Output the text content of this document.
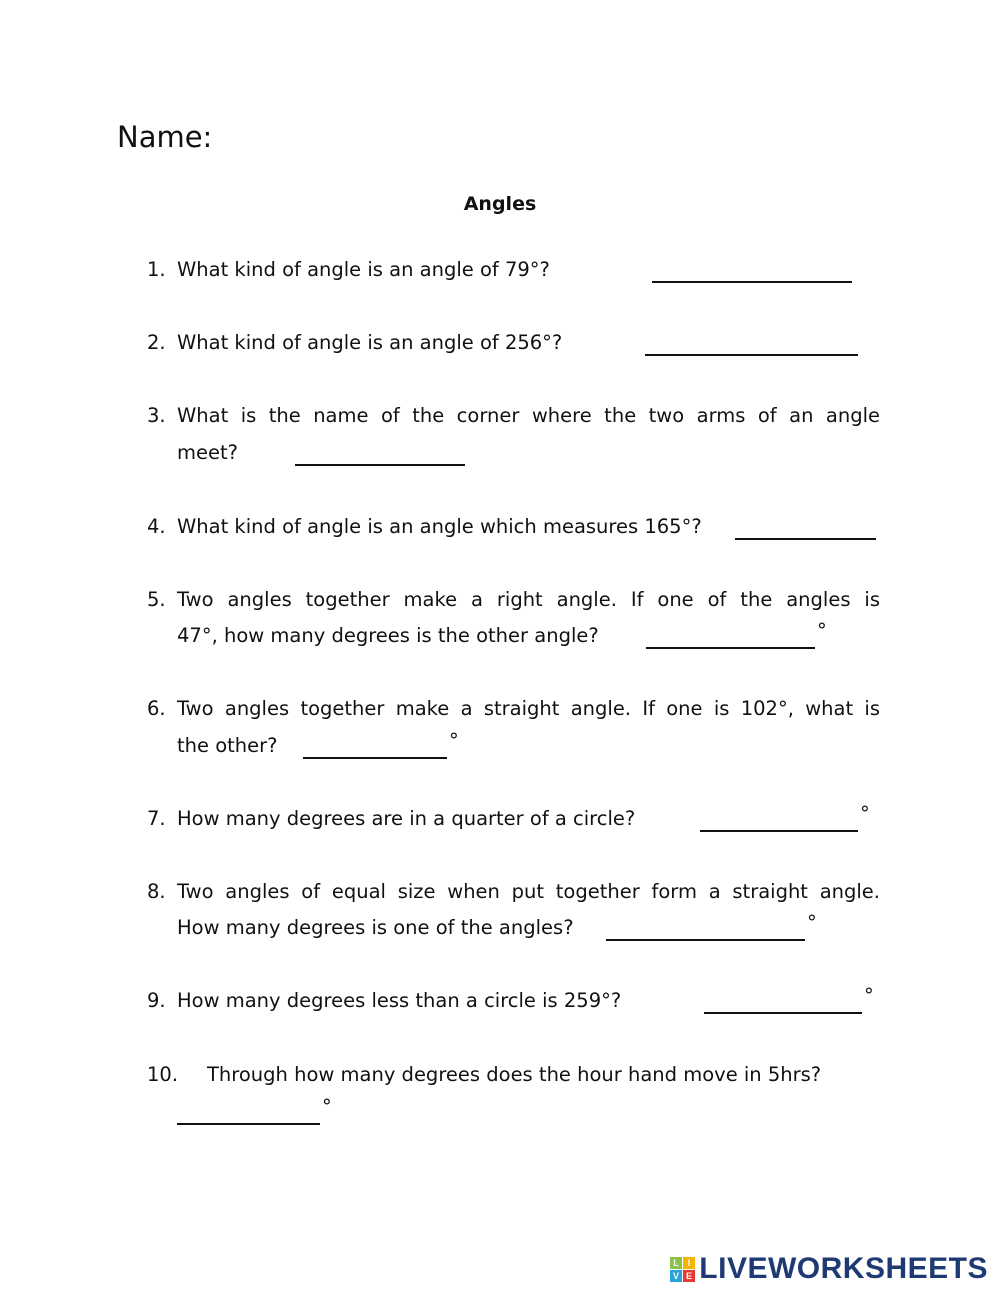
Name:
Angles
1. What kind of angle is an angle of 79°?
2. What kind of angle is an angle of 256°?
3. What is the name of the corner where the two arms of an angle
meet?
4. What kind of angle is an angle which measures 165°?
5. Two angles together make a right angle. If one of the angles is
47°, how many degrees is the other angle?	°
6. Two angles together make a straight angle. If one is 102°, what is
the other?	°
7. How many degrees are in a quarter of a circle?	°
8. Two angles of equal size when put together form a straight angle.
How many degrees is one of the angles?	°
9. How many degrees less than a circle is 259°?	°
10. Through how many degrees does the hour hand move in 5hrs?
°
L I
V E LIVEWORKSHEETS
